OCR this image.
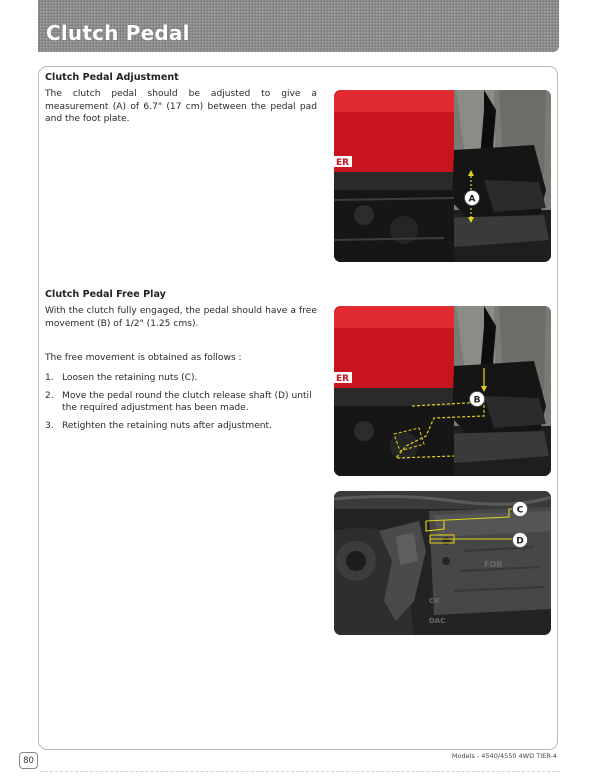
Clutch Pedal
Clutch Pedal Adjustment

The clutch pedal should be adjusted to give a measurement (A) of 6.7" (17 cm) between the pedal pad and the foot plate.

Clutch Pedal Free Play

With the clutch fully engaged, the pedal should have a free movement (B) of 1/2" (1.25 cms).

The free movement is obtained as follows :

1. Loosen the retaining nuts (C).
2. Move the pedal round the clutch release shaft (D) until the required adjustment has been made.
3. Retighten the retaining nuts after adjustment.
ER
A
ER
B
FOR
CK
DAC
C
D
80	Models - 4540/4550 4WD TIER-4
